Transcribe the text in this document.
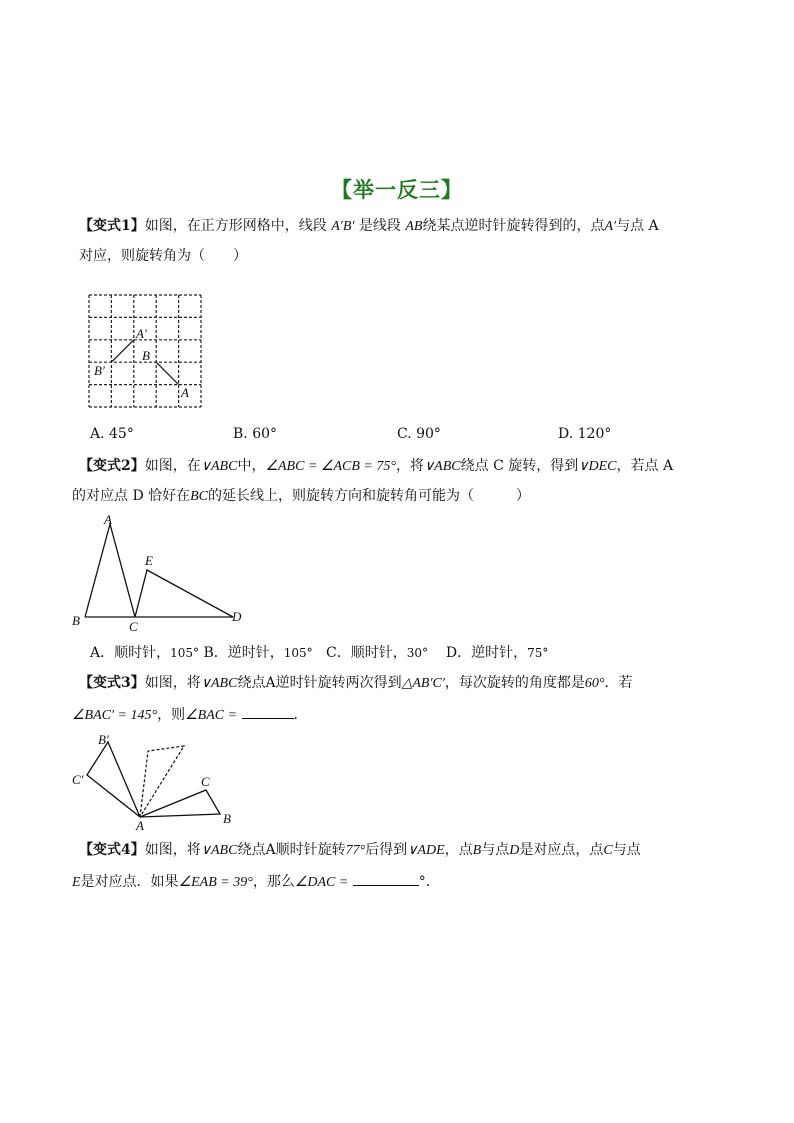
【举一反三】
【变式1】如图，在正方形网格中，线段 A′B′ 是线段 AB绕某点逆时针旋转得到的，点A′与点 A
对应，则旋转角为（　　）
A′
B′
B
A
A. 45°	B. 60°	C. 90°	D. 120°
【变式2】如图，在∨ABC中，∠ABC = ∠ACB = 75°，将∨ABC绕点 C 旋转，得到∨DEC，若点 A
的对应点 D 恰好在BC的延长线上，则旋转方向和旋转角可能为（　　　）
A
B	C
D
E
A．顺时针，105° B．逆时针，105° C．顺时针，30° D．逆时针，75°
【变式3】如图，将∨ABC绕点A逆时针旋转两次得到△AB′C′，每次旋转的角度都是60°．若
∠BAC′ = 145°，则∠BAC =	．
B′
C′	C
A	B
【变式4】如图，将∨ABC绕点A顺时针旋转77°后得到∨ADE，点B与点D是对应点，点C与点
E是对应点．如果∠EAB = 39°，那么∠DAC =	°．
